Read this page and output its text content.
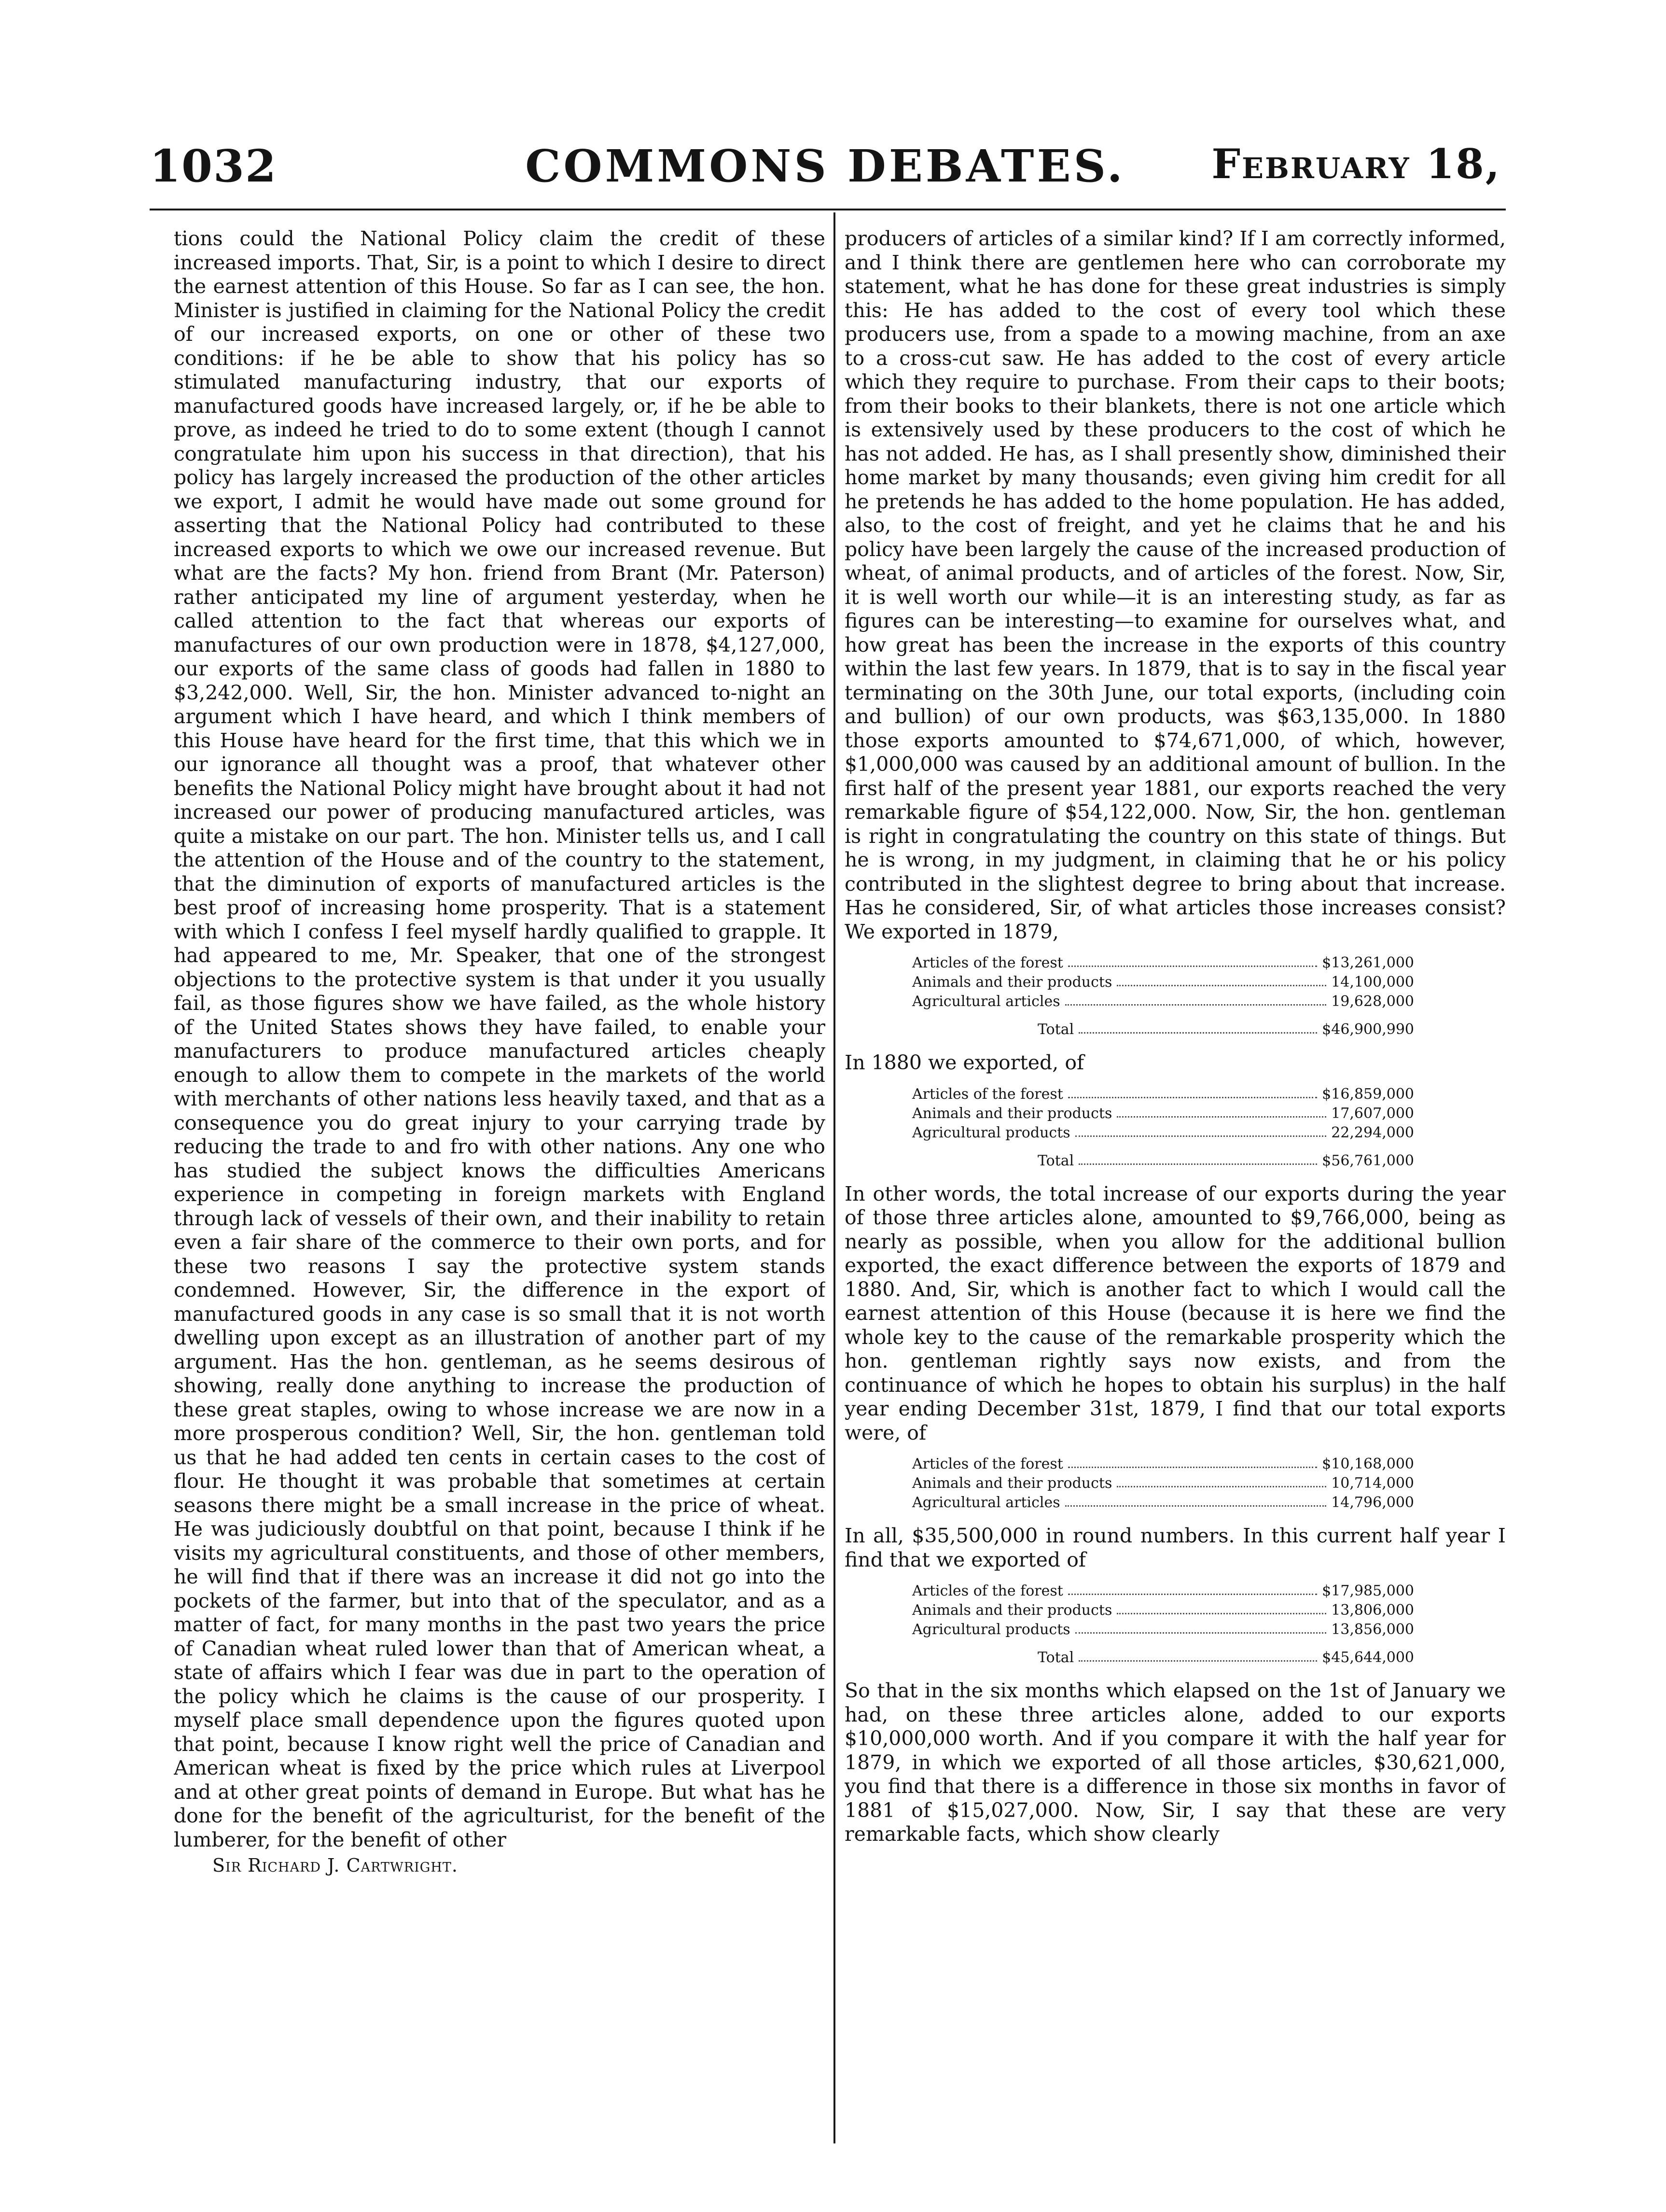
1032	COMMONS DEBATES.	February 18,

tions could the National Policy claim the credit of these increased imports. That, Sir, is a point to which I desire to direct the earnest attention of this House. So far as I can see, the hon. Minister is justified in claiming for the National Policy the credit of our increased exports, on one or other of these two conditions: if he be able to show that his policy has so stimulated manufacturing industry, that our exports of manufactured goods have increased largely, or, if he be able to prove, as indeed he tried to do to some extent (though I cannot congratulate him upon his success in that direction), that his policy has largely increased the production of the other articles we export, I admit he would have made out some ground for asserting that the National Policy had contributed to these increased exports to which we owe our increased revenue. But what are the facts? My hon. friend from Brant (Mr. Paterson) rather anticipated my line of argument yesterday, when he called attention to the fact that whereas our exports of manufactures of our own production were in 1878, $4,127,000, our exports of the same class of goods had fallen in 1880 to $3,242,000. Well, Sir, the hon. Minister advanced to-night an argument which I have heard, and which I think members of this House have heard for the first time, that this which we in our ignorance all thought was a proof, that whatever other benefits the National Policy might have brought about it had not increased our power of producing manufactured articles, was quite a mistake on our part. The hon. Minister tells us, and I call the attention of the House and of the country to the statement, that the diminution of exports of manufactured articles is the best proof of increasing home prosperity. That is a statement with which I confess I feel myself hardly qualified to grapple. It had appeared to me, Mr. Speaker, that one of the strongest objections to the protective system is that under it you usually fail, as those figures show we have failed, as the whole history of the United States shows they have failed, to enable your manufacturers to produce manufactured articles cheaply enough to allow them to compete in the markets of the world with merchants of other nations less heavily taxed, and that as a consequence you do great injury to your carrying trade by reducing the trade to and fro with other nations. Any one who has studied the subject knows the difficulties Americans experience in competing in foreign markets with England through lack of vessels of their own, and their inability to retain even a fair share of the commerce to their own ports, and for these two reasons I say the protective system stands condemned. However, Sir, the difference in the export of manufactured goods in any case is so small that it is not worth dwelling upon except as an illustration of another part of my argument. Has the hon. gentleman, as he seems desirous of showing, really done anything to increase the production of these great staples, owing to whose increase we are now in a more prosperous condition? Well, Sir, the hon. gentleman told us that he had added ten cents in certain cases to the cost of flour. He thought it was probable that sometimes at certain seasons there might be a small increase in the price of wheat. He was judiciously doubtful on that point, because I think if he visits my agricultural constituents, and those of other members, he will find that if there was an increase it did not go into the pockets of the farmer, but into that of the speculator, and as a matter of fact, for many months in the past two years the price of Canadian wheat ruled lower than that of American wheat, a state of affairs which I fear was due in part to the operation of the policy which he claims is the cause of our prosperity. I myself place small dependence upon the figures quoted upon that point, because I know right well the price of Canadian and American wheat is fixed by the price which rules at Liverpool and at other great points of demand in Europe. But what has he done for the benefit of the agriculturist, for the benefit of the lumberer, for the benefit of other

Sir Richard J. Cartwright.

producers of articles of a similar kind? If I am correctly informed, and I think there are gentlemen here who can corroborate my statement, what he has done for these great industries is simply this: He has added to the cost of every tool which these producers use, from a spade to a mowing machine, from an axe to a cross-cut saw. He has added to the cost of every article which they require to purchase. From their caps to their boots; from their books to their blankets, there is not one article which is extensively used by these producers to the cost of which he has not added. He has, as I shall presently show, diminished their home market by many thousands; even giving him credit for all he pretends he has added to the home population. He has added, also, to the cost of freight, and yet he claims that he and his policy have been largely the cause of the increased production of wheat, of animal products, and of articles of the forest. Now, Sir, it is well worth our while—it is an interesting study, as far as figures can be interesting—to examine for ourselves what, and how great has been the increase in the exports of this country within the last few years. In 1879, that is to say in the fiscal year terminating on the 30th June, our total exports, (including coin and bullion) of our own products, was $63,135,000. In 1880 those exports amounted to $74,671,000, of which, however, $1,000,000 was caused by an additional amount of bullion. In the first half of the present year 1881, our exports reached the very remarkable figure of $54,122,000. Now, Sir, the hon. gentleman is right in congratulating the country on this state of things. But he is wrong, in my judgment, in claiming that he or his policy contributed in the slightest degree to bring about that increase. Has he considered, Sir, of what articles those increases consist? We exported in 1879,

Articles of the forest	$13,261,000
Animals and their products	14,100,000
Agricultural articles	19,628,000
Total	$46,900,990

In 1880 we exported, of

Articles of the forest	$16,859,000
Animals and their products	17,607,000
Agricultural products	22,294,000
Total	$56,761,000

In other words, the total increase of our exports during the year of those three articles alone, amounted to $9,766,000, being as nearly as possible, when you allow for the additional bullion exported, the exact difference between the exports of 1879 and 1880. And, Sir, which is another fact to which I would call the earnest attention of this House (because it is here we find the whole key to the cause of the remarkable prosperity which the hon. gentleman rightly says now exists, and from the continuance of which he hopes to obtain his surplus) in the half year ending December 31st, 1879, I find that our total exports were, of

Articles of the forest	$10,168,000
Animals and their products	10,714,000
Agricultural articles	14,796,000

In all, $35,500,000 in round numbers. In this current half year I find that we exported of

Articles of the forest	$17,985,000
Animals and their products	13,806,000
Agricultural products	13,856,000
Total	$45,644,000

So that in the six months which elapsed on the 1st of January we had, on these three articles alone, added to our exports $10,000,000 worth. And if you compare it with the half year for 1879, in which we exported of all those articles, $30,621,000, you find that there is a difference in those six months in favor of 1881 of $15,027,000. Now, Sir, I say that these are very remarkable facts, which show clearly
